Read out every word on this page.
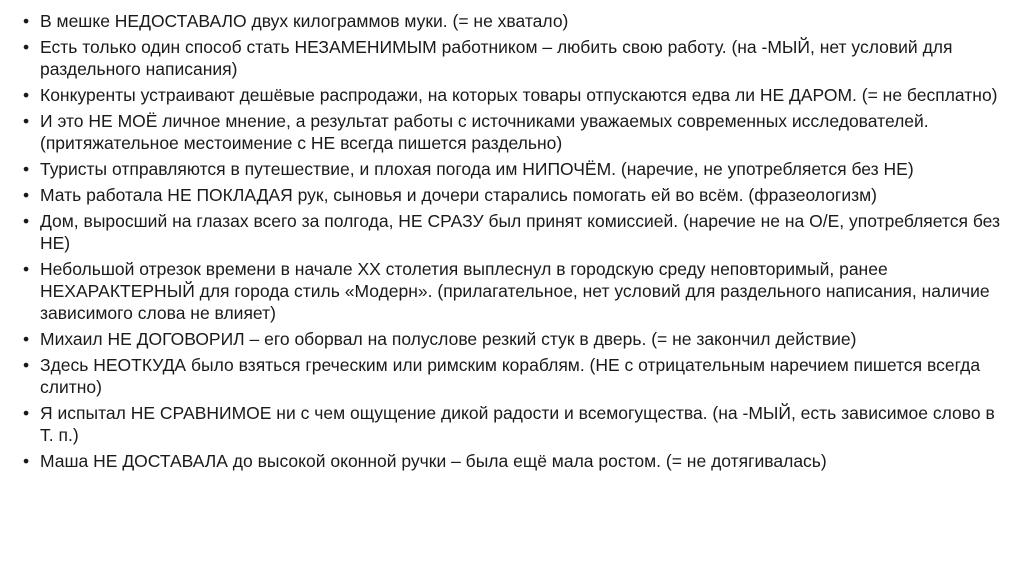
• В мешке НЕДОСТАВАЛО двух килограммов муки. (= не хватало)
• Есть только один способ стать НЕЗАМЕНИМЫМ работником – любить свою работу. (на -МЫЙ, нет условий для раздельного написания)
• Конкуренты устраивают дешёвые распродажи, на которых товары отпускаются едва ли НЕ ДАРОМ. (= не бесплатно)
• И это НЕ МОЁ личное мнение, а результат работы с источниками уважаемых современных исследователей. (притяжательное местоимение с НЕ всегда пишется раздельно)
• Туристы отправляются в путешествие, и плохая погода им НИПОЧЁМ. (наречие, не употребляется без НЕ)
• Мать работала НЕ ПОКЛАДАЯ рук, сыновья и дочери старались помогать ей во всём. (фразеологизм)
• Дом, выросший на глазах всего за полгода, НЕ СРАЗУ был принят комиссией. (наречие не на О/Е, употребляется без НЕ)
• Небольшой отрезок времени в начале XX столетия выплеснул в городскую среду неповторимый, ранее НЕХАРАКТЕРНЫЙ для города стиль «Модерн». (прилагательное, нет условий для раздельного написания, наличие зависимого слова не влияет)
• Михаил НЕ ДОГОВОРИЛ – его оборвал на полуслове резкий стук в дверь. (= не закончил действие)
• Здесь НЕОТКУДА было взяться греческим или римским кораблям. (НЕ с отрицательным наречием пишется всегда слитно)
• Я испытал НЕ СРАВНИМОЕ ни с чем ощущение дикой радости и всемогущества. (на -МЫЙ, есть зависимое слово в Т. п.)
• Маша НЕ ДОСТАВАЛА до высокой оконной ручки – была ещё мала ростом. (= не дотягивалась)
